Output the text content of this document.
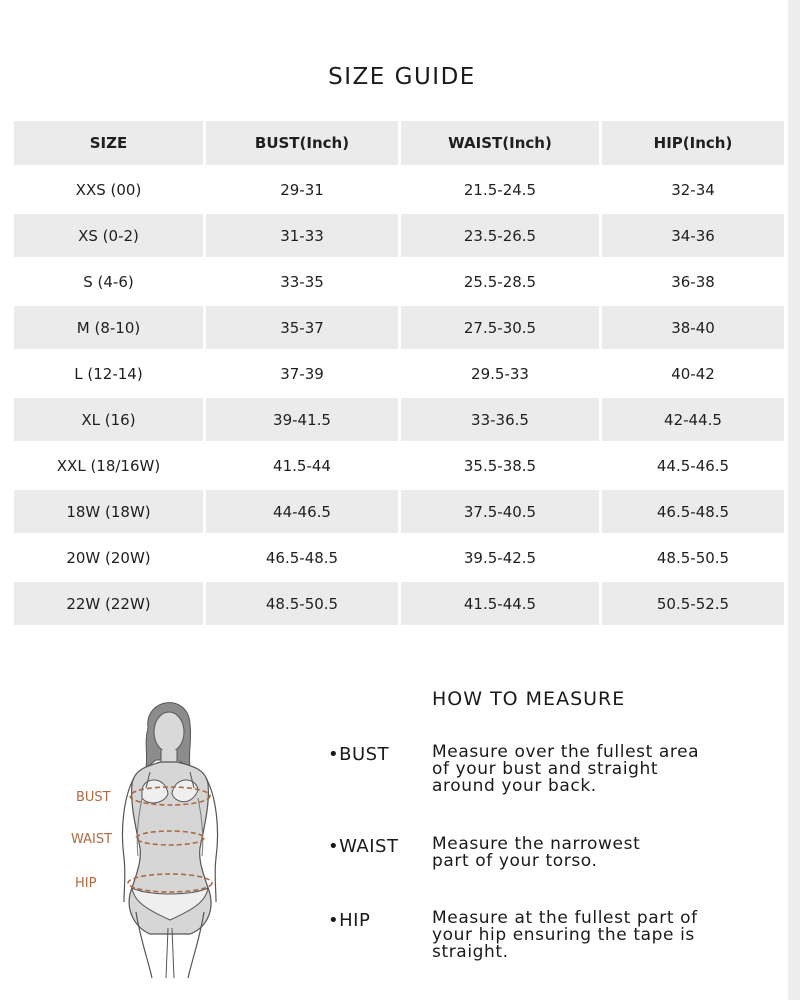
SIZE GUIDE
SIZE	BUST(Inch)	WAIST(Inch)	HIP(Inch)
XXS (00)	29-31	21.5-24.5	32-34
XS (0-2)	31-33	23.5-26.5	34-36
S (4-6)	33-35	25.5-28.5	36-38
M (8-10)	35-37	27.5-30.5	38-40
L (12-14)	37-39	29.5-33	40-42
XL (16)	39-41.5	33-36.5	42-44.5
XXL (18/16W)	41.5-44	35.5-38.5	44.5-46.5
18W (18W)	44-46.5	37.5-40.5	46.5-48.5
20W (20W)	46.5-48.5	39.5-42.5	48.5-50.5
22W (22W)	48.5-50.5	41.5-44.5	50.5-52.5
BUST
WAIST
HIP
HOW TO MEASURE
•BUST	Measure over the fullest area
of your bust and straight
around your back.
•WAIST Measure the narrowest
part of your torso.
•HIP	Measure at the fullest part of
your hip ensuring the tape is
straight.
